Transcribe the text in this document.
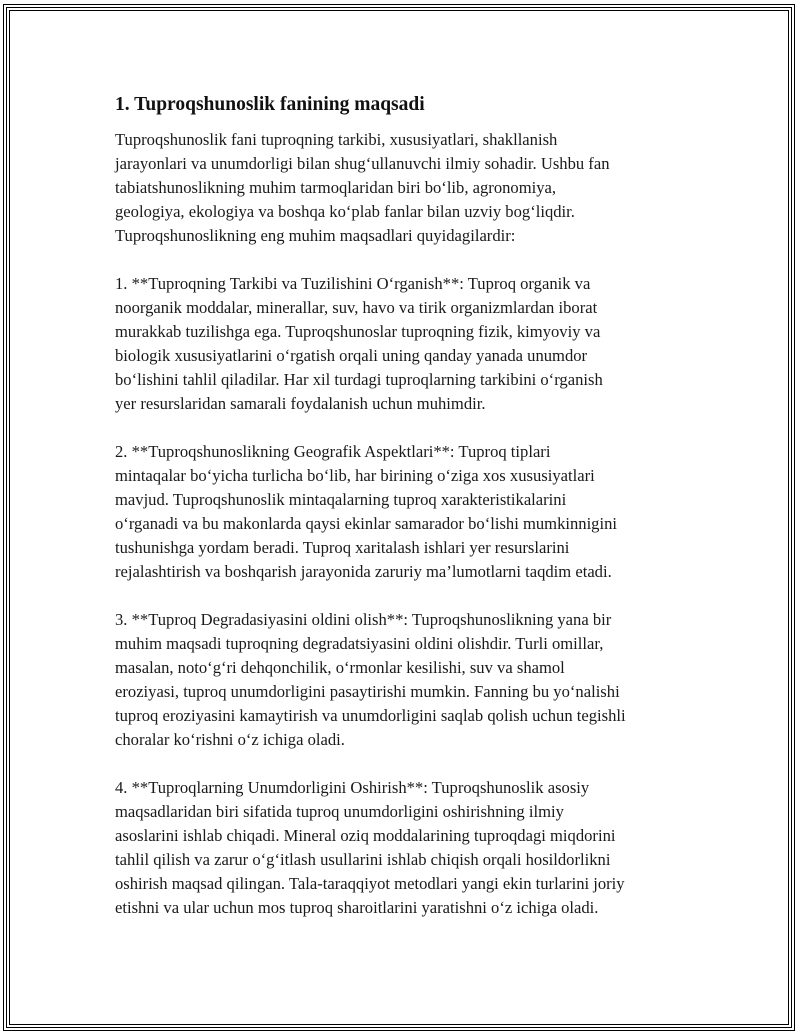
1. Tuproqshunoslik fanining maqsadi

Tuproqshunoslik fani tuproqning tarkibi, xususiyatlari, shakllanish
jarayonlari va unumdorligi bilan shug‘ullanuvchi ilmiy sohadir. Ushbu fan
tabiatshunoslikning muhim tarmoqlaridan biri bo‘lib, agronomiya,
geologiya, ekologiya va boshqa ko‘plab fanlar bilan uzviy bog‘liqdir.
Tuproqshunoslikning eng muhim maqsadlari quyidagilardir:

1. **Tuproqning Tarkibi va Tuzilishini O‘rganish**: Tuproq organik va
noorganik moddalar, minerallar, suv, havo va tirik organizmlardan iborat
murakkab tuzilishga ega. Tuproqshunoslar tuproqning fizik, kimyoviy va
biologik xususiyatlarini o‘rgatish orqali uning qanday yanada unumdor
bo‘lishini tahlil qiladilar. Har xil turdagi tuproqlarning tarkibini o‘rganish
yer resurslaridan samarali foydalanish uchun muhimdir.

2. **Tuproqshunoslikning Geografik Aspektlari**: Tuproq tiplari
mintaqalar bo‘yicha turlicha bo‘lib, har birining o‘ziga xos xususiyatlari
mavjud. Tuproqshunoslik mintaqalarning tuproq xarakteristikalarini
o‘rganadi va bu makonlarda qaysi ekinlar samarador bo‘lishi mumkinnigini
tushunishga yordam beradi. Tuproq xaritalash ishlari yer resurslarini
rejalashtirish va boshqarish jarayonida zaruriy ma’lumotlarni taqdim etadi.

3. **Tuproq Degradasiyasini oldini olish**: Tuproqshunoslikning yana bir
muhim maqsadi tuproqning degradatsiyasini oldini olishdir. Turli omillar,
masalan, noto‘g‘ri dehqonchilik, o‘rmonlar kesilishi, suv va shamol
eroziyasi, tuproq unumdorligini pasaytirishi mumkin. Fanning bu yo‘nalishi
tuproq eroziyasini kamaytirish va unumdorligini saqlab qolish uchun tegishli
choralar ko‘rishni o‘z ichiga oladi.

4. **Tuproqlarning Unumdorligini Oshirish**: Tuproqshunoslik asosiy
maqsadlaridan biri sifatida tuproq unumdorligini oshirishning ilmiy
asoslarini ishlab chiqadi. Mineral oziq moddalarining tuproqdagi miqdorini
tahlil qilish va zarur o‘g‘itlash usullarini ishlab chiqish orqali hosildorlikni
oshirish maqsad qilingan. Tala-taraqqiyot metodlari yangi ekin turlarini joriy
etishni va ular uchun mos tuproq sharoitlarini yaratishni o‘z ichiga oladi.
